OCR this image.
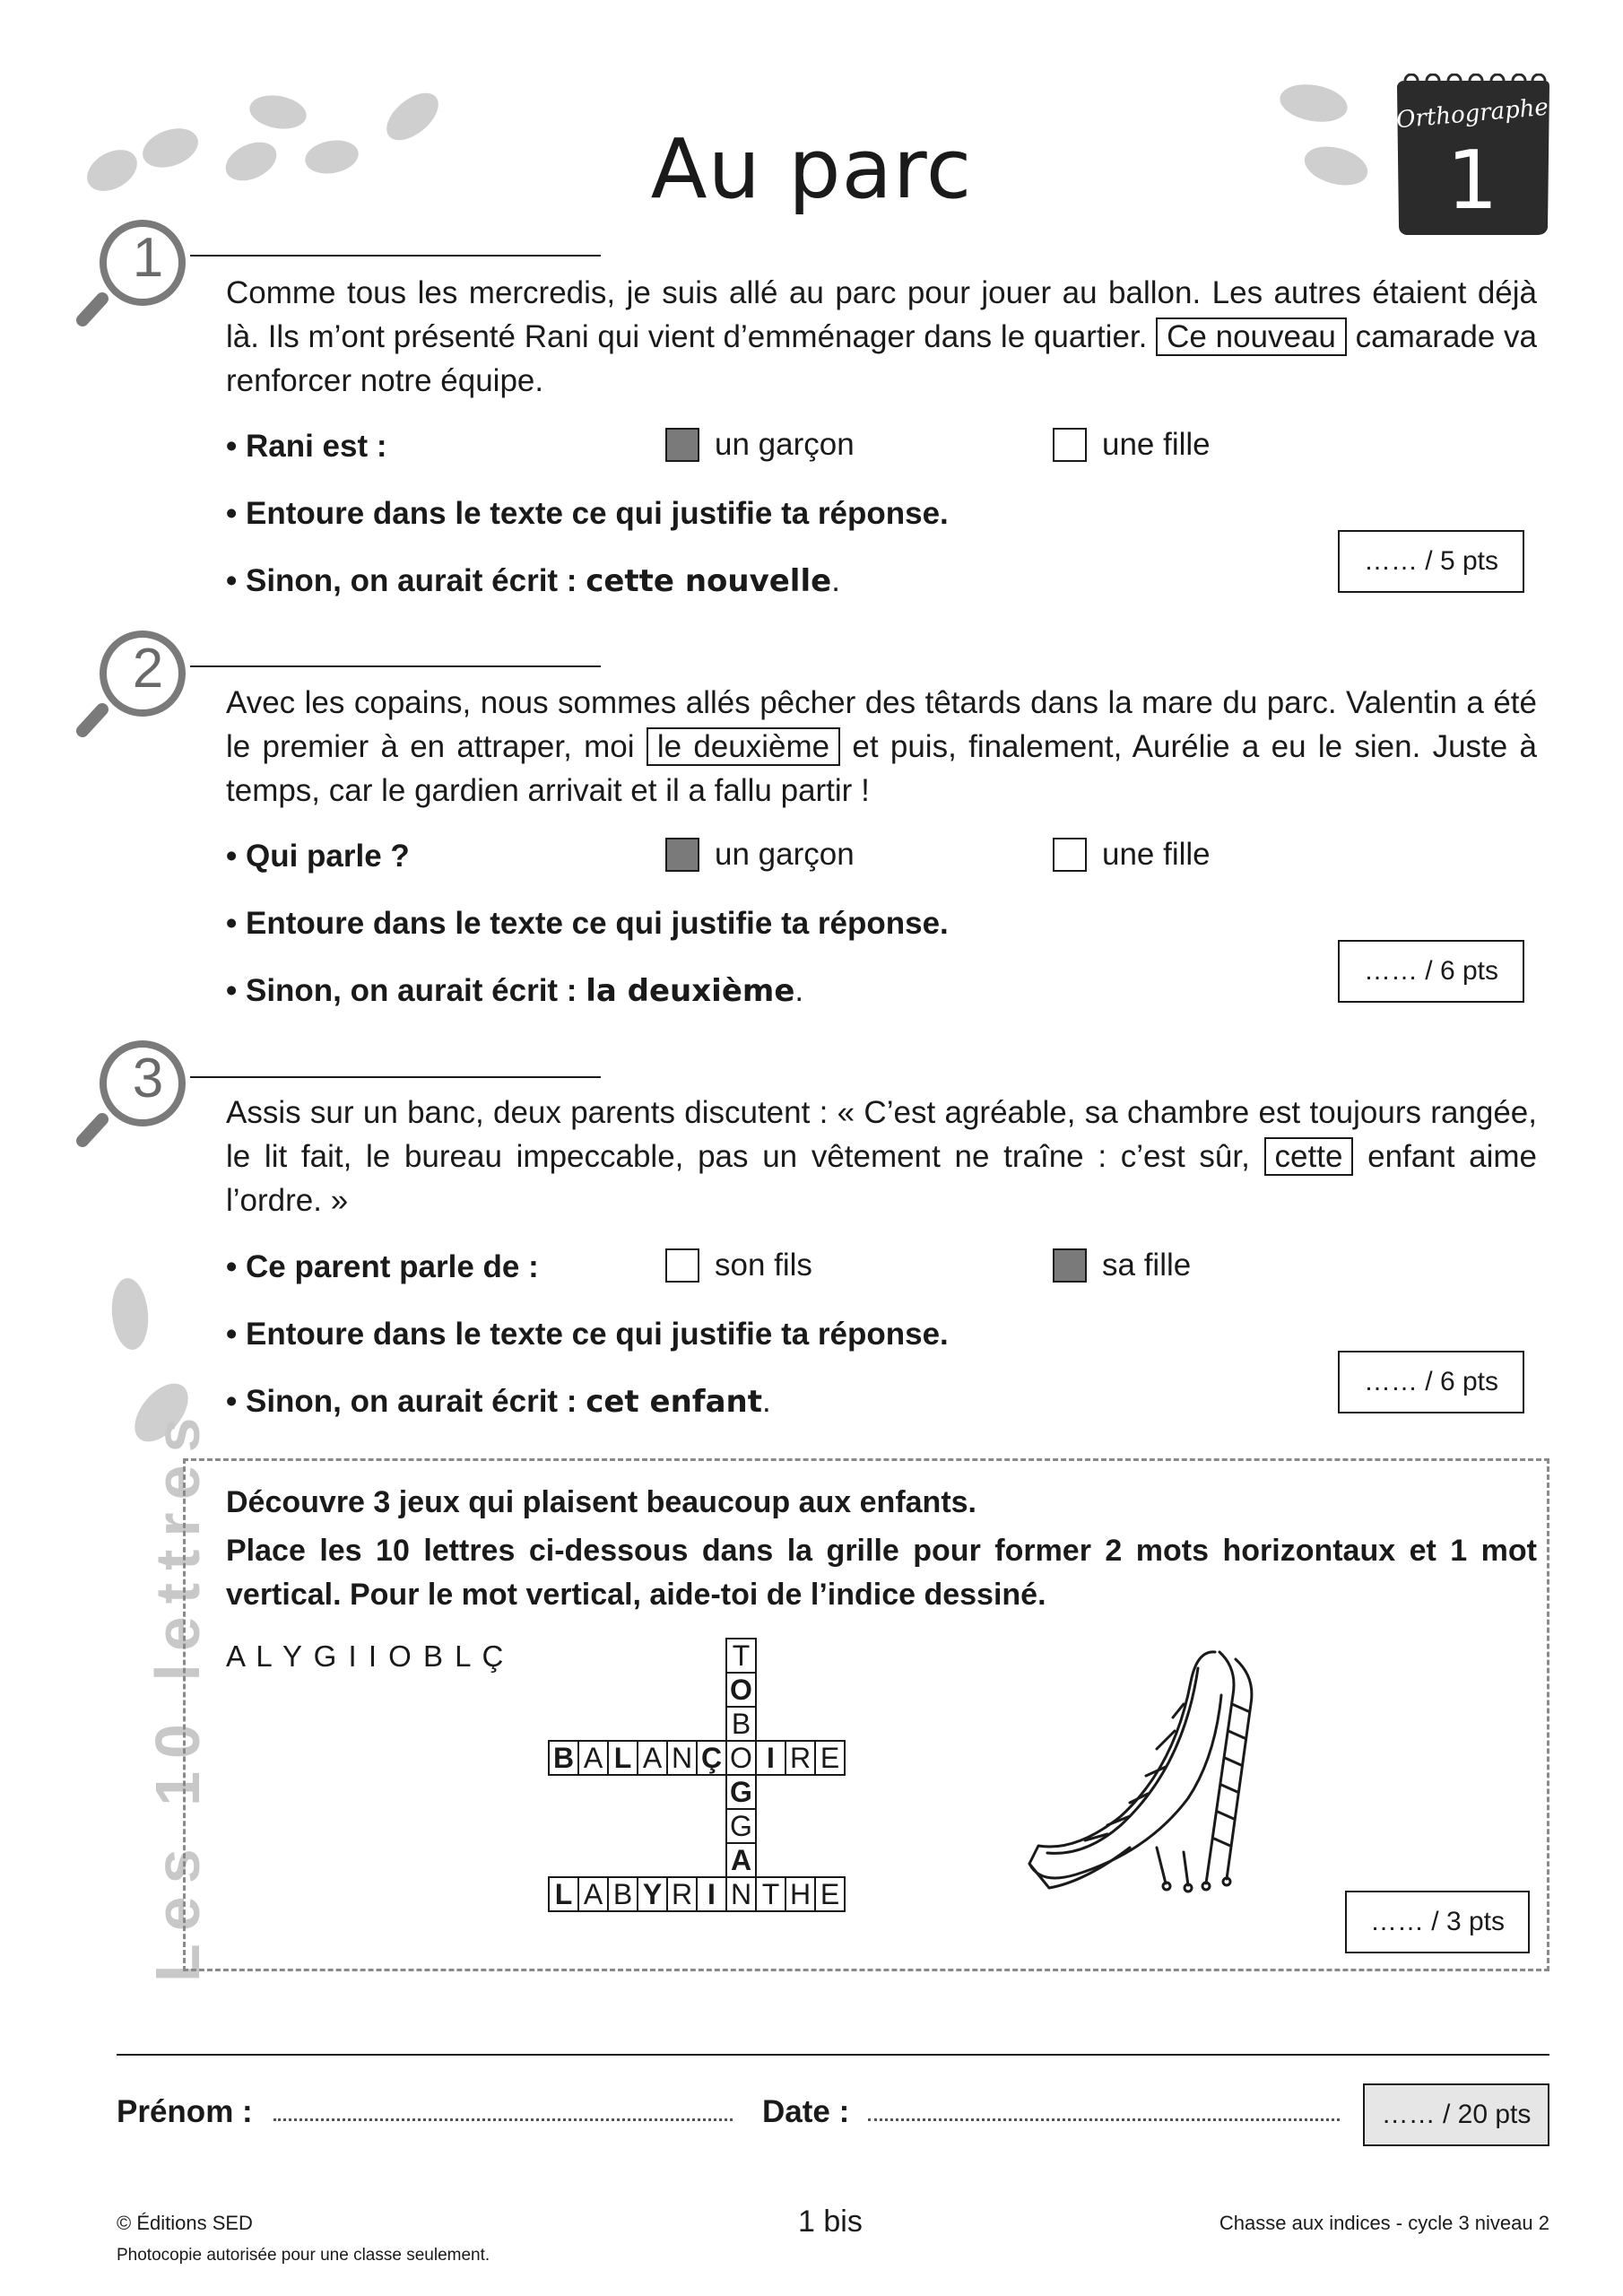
Au parc
Orthographe
1
1
Comme tous les mercredis, je suis allé au parc pour jouer au ballon. Les autres étaient déjà là. Ils m’ont présenté Rani qui vient d’emménager dans le quartier. Ce nouveau camarade va renforcer notre équipe.
• Rani est :	un garçon	une fille
• Entoure dans le texte ce qui justifie ta réponse.
• Sinon, on aurait écrit : cette nouvelle.
…… / 5 pts
2
Avec les copains, nous sommes allés pêcher des têtards dans la mare du parc. Valentin a été le premier à en attraper, moi le deuxième et puis, finalement, Aurélie a eu le sien. Juste à temps, car le gardien arrivait et il a fallu partir !
• Qui parle ?	un garçon	une fille
• Entoure dans le texte ce qui justifie ta réponse.
• Sinon, on aurait écrit : la deuxième.
…… / 6 pts
3
Assis sur un banc, deux parents discutent : « C’est agréable, sa chambre est toujours rangée, le lit fait, le bureau impeccable, pas un vêtement ne traîne : c’est sûr, cette enfant aime l’ordre. »
• Ce parent parle de :	son fils	sa fille
• Entoure dans le texte ce qui justifie ta réponse.
• Sinon, on aurait écrit : cet enfant.
…… / 6 pts
Les 10 lettres Découvre 3 jeux qui plaisent beaucoup aux enfants.
Place les 10 lettres ci-dessous dans la grille pour former 2 mots horizontaux et 1 mot vertical. Pour le mot vertical, aide-toi de l’indice dessiné.
A L Y G I I O B L Ç	T
O
B
G
G
A
B A L A N Ç O I R E
L A B Y R I N T H E
…… / 3 pts
Prénom :	Date :	…… / 20 pts
© Éditions SED
Photocopie autorisée pour une classe seulement.
1 bis	Chasse aux indices - cycle 3 niveau 2
